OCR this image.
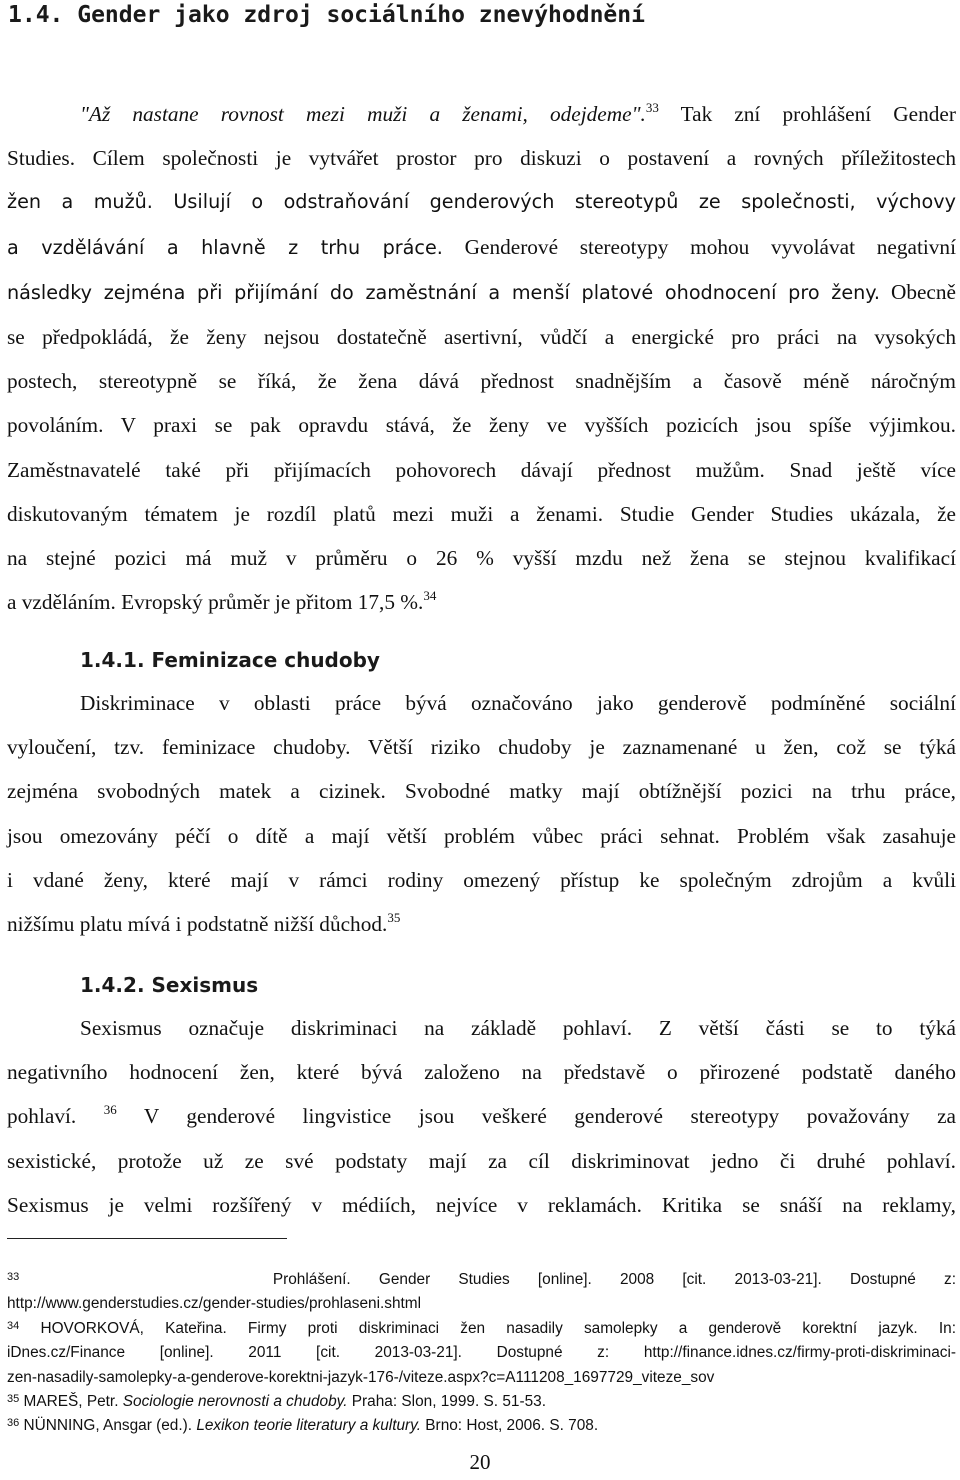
1.4. Gender jako zdroj sociálního znevýhodnění
"Až nastane rovnost mezi muži a ženami, odejdeme".$^{33}$ Tak zní prohlášení Gender
Studies. Cílem společnosti je vytvářet prostor pro diskuzi o postavení a rovných příležitostech
žen a mužů. Usilují o odstraňování genderových stereotypů ze společnosti, výchovy
a vzdělávání a hlavně z trhu práce. Genderové stereotypy mohou vyvolávat negativní
následky zejména při přijímání do zaměstnání a menší platové ohodnocení pro ženy. Obecně
se předpokládá, že ženy nejsou dostatečně asertivní, vůdčí a energické pro práci na vysokých
postech, stereotypně se říká, že žena dává přednost snadnějším a časově méně náročným
povoláním. V praxi se pak opravdu stává, že ženy ve vyšších pozicích jsou spíše výjimkou.
Zaměstnavatelé také při přijímacích pohovorech dávají přednost mužům. Snad ještě více
diskutovaným tématem je rozdíl platů mezi muži a ženami. Studie Gender Studies ukázala, že
na stejné pozici má muž v průměru o 26 % vyšší mzdu než žena se stejnou kvalifikací
a vzděláním. Evropský průměr je přitom 17,5 %.$^{34}$
1.4.1. Feminizace chudoby
Diskriminace v oblasti práce bývá označováno jako genderově podmíněné sociální
vyloučení, tzv. feminizace chudoby. Větší riziko chudoby je zaznamenané u žen, což se týká
zejména svobodných matek a cizinek. Svobodné matky mají obtížnější pozici na trhu práce,
jsou omezovány péčí o dítě a mají větší problém vůbec práci sehnat. Problém však zasahuje
i vdané ženy, které mají v rámci rodiny omezený přístup ke společným zdrojům a kvůli
nižšímu platu mívá i podstatně nižší důchod.$^{35}$
1.4.2. Sexismus
Sexismus označuje diskriminaci na základě pohlaví. Z větší části se to týká
negativního hodnocení žen, které bývá založeno na představě o přirozené podstatě daného
pohlaví. $^{36}$ V genderové lingvistice jsou veškeré genderové stereotypy považovány za
sexistické, protože už ze své podstaty mají za cíl diskriminovat jedno či druhé pohlaví.
Sexismus je velmi rozšířený v médiích, nejvíce v reklamách. Kritika se snáší na reklamy,
$^{33}$	Prohlášení. Gender Studies [online]. 2008 [cit. 2013-03-21]. Dostupné z:
http://www.genderstudies.cz/gender-studies/prohlaseni.shtml
$^{34}$ HOVORKOVÁ, Kateřina. Firmy proti diskriminaci žen nasadily samolepky a genderově korektní jazyk. In:
iDnes.cz/Finance [online]. 2011 [cit. 2013-03-21]. Dostupné z: http://finance.idnes.cz/firmy-proti-diskriminaci-
zen-nasadily-samolepky-a-genderove-korektni-jazyk-176-/viteze.aspx?c=A111208_1697729_viteze_sov
$^{35}$ MAREŠ, Petr. Sociologie nerovnosti a chudoby. Praha: Slon, 1999. S. 51-53.
$^{36}$ NÜNNING, Ansgar (ed.). Lexikon teorie literatury a kultury. Brno: Host, 2006. S. 708.
20
